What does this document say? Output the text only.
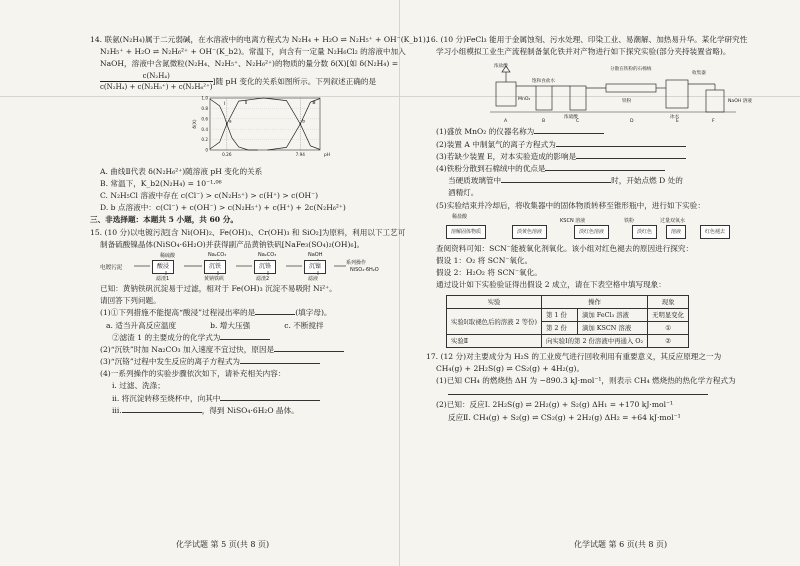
14. 联氨(N₂H₄)属于二元弱碱，在水溶液中的电离方程式为 N₂H₄ + H₂O ⇌ N₂H₅⁺ + OH⁻(K_b1)、

N₂H₅⁺ + H₂O ⇌ N₂H₆²⁺ + OH⁻(K_b2)。常温下，向含有一定量 N₂H₆Cl₂ 的溶液中加入

NaOH，溶液中含氮微粒(N₂H₄、N₂H₅⁺、N₂H₆²⁺)的物质的量分数 δ(X)[如 δ(N₂H₄) =

$\frac{\text{c(N₂H₄)}}{\text{c(N₂H₄) + c(N₂H₅⁺) + c(N₂H₆²⁺)}}$ ]随 pH 变化的关系如图所示。下列叙述正确的是
1.0
0.8
0.6
0.4
0.2
0
δ(X)
0.26	7.94	pH
Ⅰ	Ⅱ	Ⅲ
a	b

A. 曲线Ⅱ代表 δ(N₂H₆²⁺)随溶液 pH 变化的关系

B. 常温下，K_b2(N₂H₄) = 10⁻¹·⁰⁶

C. N₂H₅Cl 溶液中存在 c(Cl⁻) > c(N₂H₅⁺) > c(H⁺) > c(OH⁻)

D. b 点溶液中：c(Cl⁻) + c(OH⁻) > c(N₂H₅⁺) + c(H⁺) + 2c(N₂H₆²⁺)

三、非选择题：本题共 5 小题，共 60 分。

15. (10 分)以电镀污泥[含 Ni(OH)₂、Fe(OH)₃、Cr(OH)₃ 和 SiO₂]为原料，利用以下工艺可

制备硫酸镍晶体(NiSO₄·6H₂O)并获得副产品黄钠铁矾[NaFe₃(SO₄)₂(OH)₆]。

电镀污泥	酸浸	沉铁	沉铬	沉镍	系列操作
NiSO₄·6H₂O
稀硫酸	Na₂CO₃	Na₂CO₃	NaOH
滤渣1	黄钠铁矾	滤渣2	滤液

已知：黄钠铁矾沉淀易于过滤，相对于 Fe(OH)₃ 沉淀不易吸附 Ni²⁺。

请回答下列问题。

(1)①下列措施不能提高“酸浸”过程浸出率的是	(填字母)。

a. 适当升高反应温度	b. 增大压强	c. 不断搅拌

②滤渣 1 的主要成分的化学式为

(2)“沉铁”时加 Na₂CO₃ 加入速度不宜过快，原因是

(3)“沉铬”过程中发生反应的离子方程式为

(4)一系列操作的实验步骤依次如下，请补充相关内容：

ⅰ. 过滤、洗涤；

ⅱ. 将沉淀转移至烧杯中，向其中

ⅲ.	，得到 NiSO₄·6H₂O 晶体。

16. (10 分)FeCl₃ 能用于金属蚀刻、污水处理、印染工业、易潮解、加热易升华。某化学研究性

学习小组模拟工业生产流程制备氯化铁并对产物进行如下探究实验(部分夹持装置省略)。

浓盐酸
MnO₂
饱和食盐水
浓硫酸
铁粉
冰水
收集器
NaOH 溶液
A	B	C	D	E	F
分散在铁粉的石棉绒

(1)盛放 MnO₂ 的仪器名称为

(2)装置 A 中制氯气的离子方程式为

(3)若缺少装置 E，对本实验造成的影响是

(4)铁粉分散到石棉绒中的优点是

当硬质玻璃管中	时，开始点燃 D 处的

酒精灯。

(5)实验结束并冷却后，将收集器中的固体物质转移至锥形瓶中，进行如下实验：

稀盐酸
溶解固体物质	淡黄色溶液
KSCN 溶液
淡红色溶液
铁粉
淡红色
过量双氧水
溶液	红色褪去

查阅资料可知：SCN⁻能被氧化剂氧化。该小组对红色褪去的原因进行探究：

假设 1：O₂ 将 SCN⁻氧化。

假设 2：H₂O₂ 将 SCN⁻氧化。

通过设计如下实验验证得出假设 2 成立，请在下表空格中填写现象：

实验	操作		现象
实验Ⅰ(取褪色后的溶液 2 等份)	第 1 份	滴加 FeCl₃ 溶液	无明显变化
	第 2 份	滴加 KSCN 溶液	①
实验Ⅱ	向实验Ⅰ的第 2 份溶液中再通入 O₂		②

17. (12 分)对主要成分为 H₂S 的工业废气进行回收利用有重要意义，其反应原理之一为

CH₄(g) + 2H₂S(g) ⇌ CS₂(g) + 4H₂(g)。

(1)已知 CH₄ 的燃烧热 ΔH 为 −890.3 kJ·mol⁻¹，则表示 CH₄ 燃烧热的热化学方程式为

(2)已知：反应Ⅰ. 2H₂S(g) ⇌ 2H₂(g) + S₂(g) ΔH₁ = +170 kJ·mol⁻¹

反应Ⅱ. CH₄(g) + S₂(g) ⇌ CS₂(g) + 2H₂(g) ΔH₂ = +64 kJ·mol⁻¹

化学试题 第 5 页(共 8 页)	化学试题 第 6 页(共 8 页)
